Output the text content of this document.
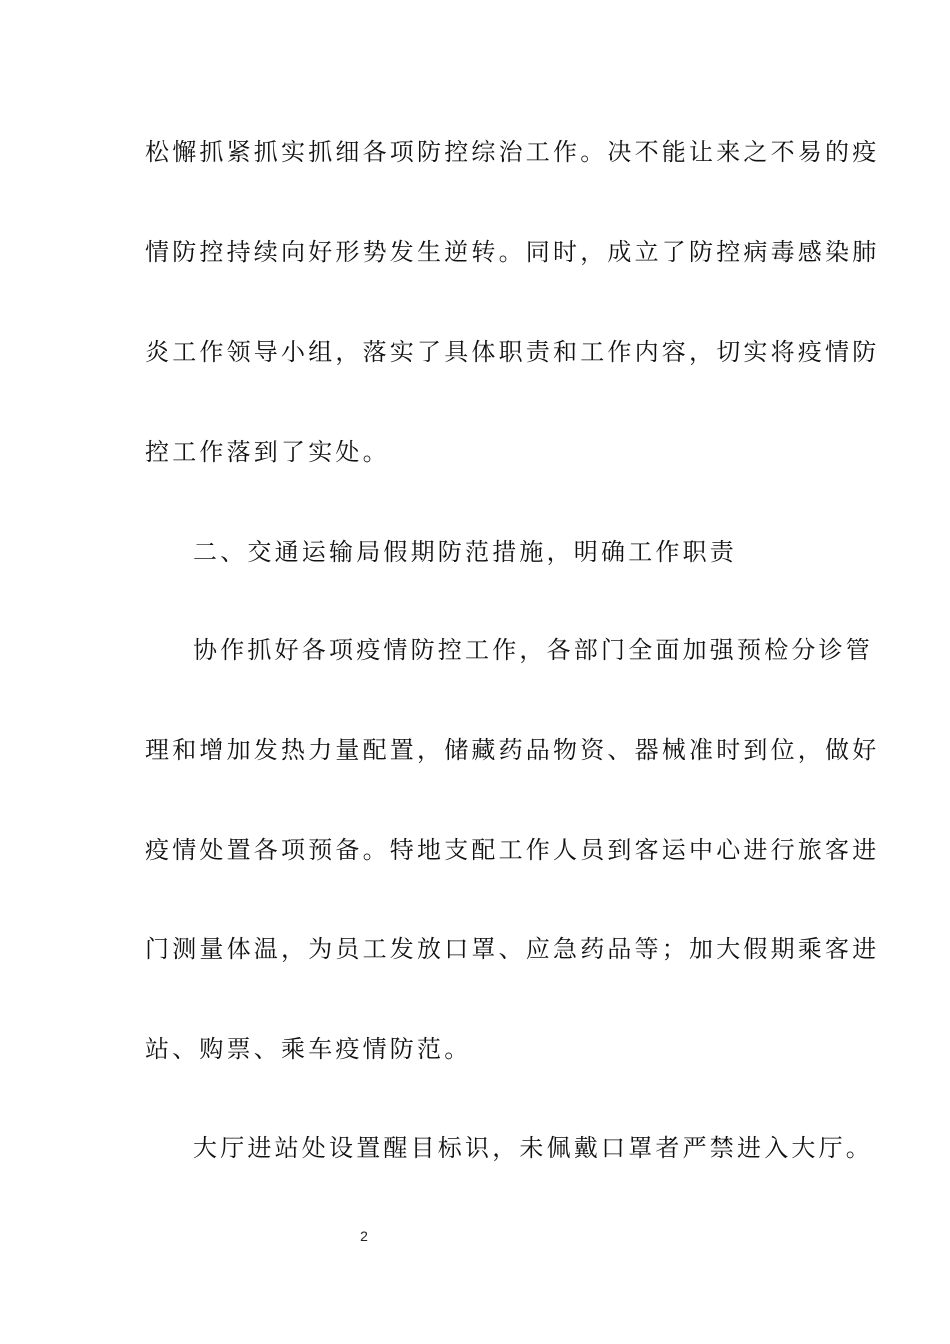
松懈抓紧抓实抓细各项防控综治工作。决不能让来之不易的疫
情防控持续向好形势发生逆转。同时，成立了防控病毒感染肺
炎工作领导小组，落实了具体职责和工作内容，切实将疫情防
控工作落到了实处。
二、交通运输局假期防范措施，明确工作职责
协作抓好各项疫情防控工作，各部门全面加强预检分诊管
理和增加发热力量配置，储藏药品物资、器械准时到位，做好
疫情处置各项预备。特地支配工作人员到客运中心进行旅客进
门测量体温，为员工发放口罩、应急药品等；加大假期乘客进
站、购票、乘车疫情防范。
大厅进站处设置醒目标识，未佩戴口罩者严禁进入大厅。
2
